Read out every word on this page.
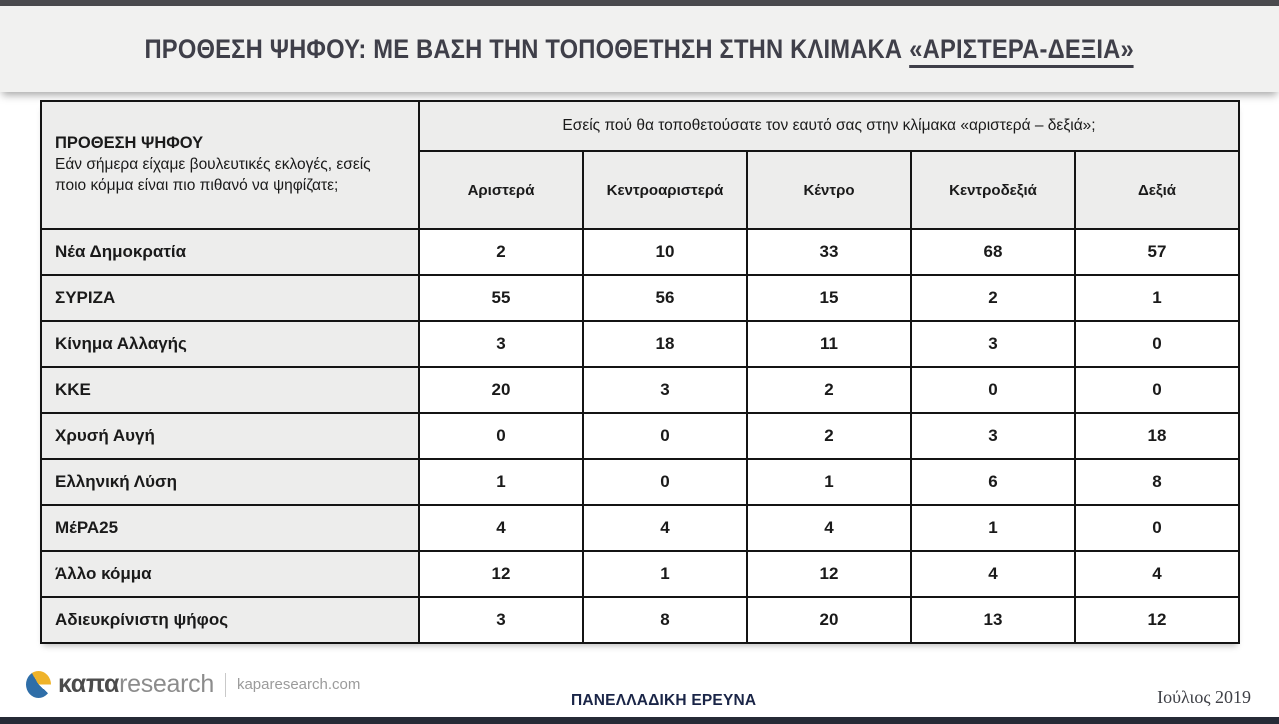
ΠΡΟΘΕΣΗ ΨΗΦΟΥ: ΜΕ ΒΑΣΗ ΤΗΝ ΤΟΠΟΘΕΤΗΣΗ ΣΤΗΝ ΚΛΙΜΑΚΑ «ΑΡΙΣΤΕΡΑ-ΔΕΞΙΑ»
ΠΡΟΘΕΣΗ ΨΗΦΟΥ
Εάν σήμερα είχαμε βουλευτικές εκλογές, εσείς ποιο κόμμα είναι πιο πιθανό να ψηφίζατε;	Εσείς πού θα τοποθετούσατε τον εαυτό σας στην κλίμακα «αριστερά – δεξιά»;				
	Αριστερά	Κεντροαριστερά	Κέντρο	Κεντροδεξιά	Δεξιά
Νέα Δημοκρατία	2	10	33	68	57
ΣΥΡΙΖΑ	55	56	15	2	1
Κίνημα Αλλαγής	3	18	11	3	0
ΚΚΕ	20	3	2	0	0
Χρυσή Αυγή	0	0	2	3	18
Ελληνική Λύση	1	0	1	6	8
ΜέΡΑ25	4	4	4	1	0
Άλλο κόμμα	12	1	12	4	4
Αδιευκρίνιστη ψήφος	3	8	20	13	12
καπαresearch kaparesearch.com
ΠΑΝΕΛΛΑΔΙΚΗ ΕΡΕΥΝΑ	Ιούλιος 2019
